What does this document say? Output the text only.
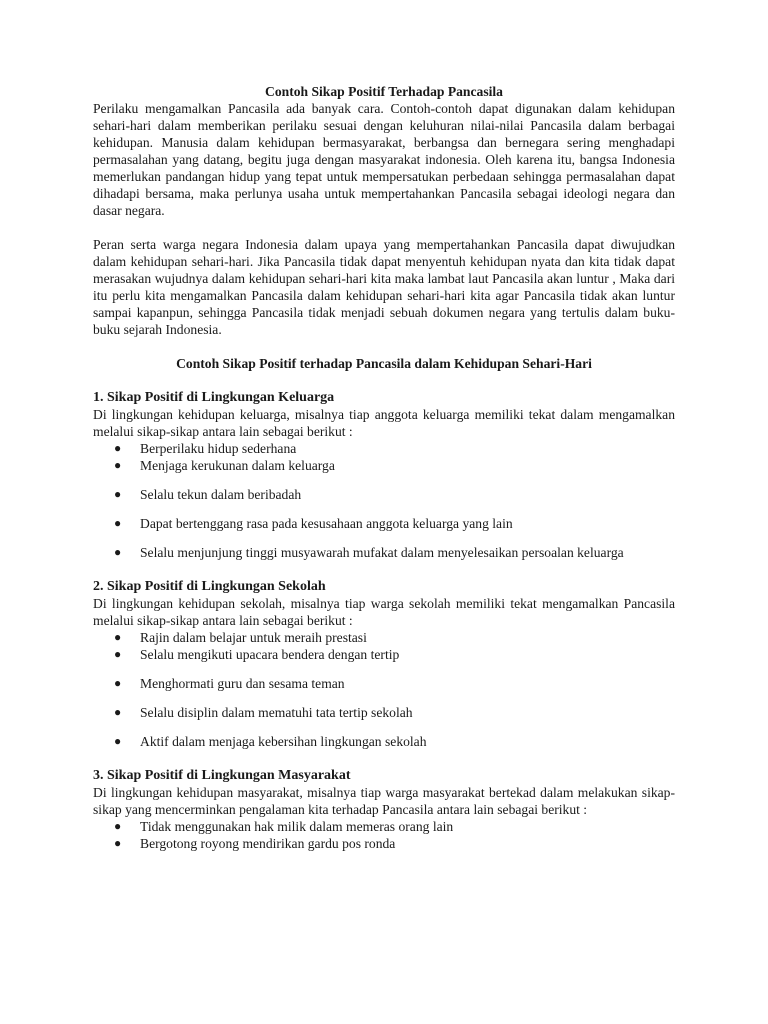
Contoh Sikap Positif Terhadap Pancasila

Perilaku mengamalkan Pancasila ada banyak cara. Contoh-contoh dapat digunakan dalam kehidupan sehari-hari dalam memberikan perilaku sesuai dengan keluhuran nilai-nilai Pancasila dalam berbagai kehidupan. Manusia dalam kehidupan bermasyarakat, berbangsa dan bernegara sering menghadapi permasalahan yang datang, begitu juga dengan masyarakat indonesia. Oleh karena itu, bangsa Indonesia memerlukan pandangan hidup yang tepat untuk mempersatukan perbedaan sehingga permasalahan dapat dihadapi bersama, maka perlunya usaha untuk mempertahankan Pancasila sebagai ideologi negara dan dasar negara.

Peran serta warga negara Indonesia dalam upaya yang mempertahankan Pancasila dapat diwujudkan dalam kehidupan sehari-hari. Jika Pancasila tidak dapat menyentuh kehidupan nyata dan kita tidak dapat merasakan wujudnya dalam kehidupan sehari-hari kita maka lambat laut Pancasila akan luntur , Maka dari itu perlu kita mengamalkan Pancasila dalam kehidupan sehari-hari kita agar Pancasila tidak akan luntur sampai kapanpun, sehingga Pancasila tidak menjadi sebuah dokumen negara yang tertulis dalam buku-buku sejarah Indonesia.

Contoh Sikap Positif terhadap Pancasila dalam Kehidupan Sehari-Hari

1. Sikap Positif di Lingkungan Keluarga

Di lingkungan kehidupan keluarga, misalnya tiap anggota keluarga memiliki tekat dalam mengamalkan melalui sikap-sikap antara lain sebagai berikut :

● Berperilaku hidup sederhana
● Menjaga kerukunan dalam keluarga
● Selalu tekun dalam beribadah
● Dapat bertenggang rasa pada kesusahaan anggota keluarga yang lain
● Selalu menjunjung tinggi musyawarah mufakat dalam menyelesaikan persoalan keluarga

2. Sikap Positif di Lingkungan Sekolah

Di lingkungan kehidupan sekolah, misalnya tiap warga sekolah memiliki tekat mengamalkan Pancasila melalui sikap-sikap antara lain sebagai berikut :

● Rajin dalam belajar untuk meraih prestasi
● Selalu mengikuti upacara bendera dengan tertip
● Menghormati guru dan sesama teman
● Selalu disiplin dalam mematuhi tata tertip sekolah
● Aktif dalam menjaga kebersihan lingkungan sekolah

3. Sikap Positif di Lingkungan Masyarakat

Di lingkungan kehidupan masyarakat, misalnya tiap warga masyarakat bertekad dalam melakukan sikap-sikap yang mencerminkan pengalaman kita terhadap Pancasila antara lain sebagai berikut :

● Tidak menggunakan hak milik dalam memeras orang lain
● Bergotong royong mendirikan gardu pos ronda
